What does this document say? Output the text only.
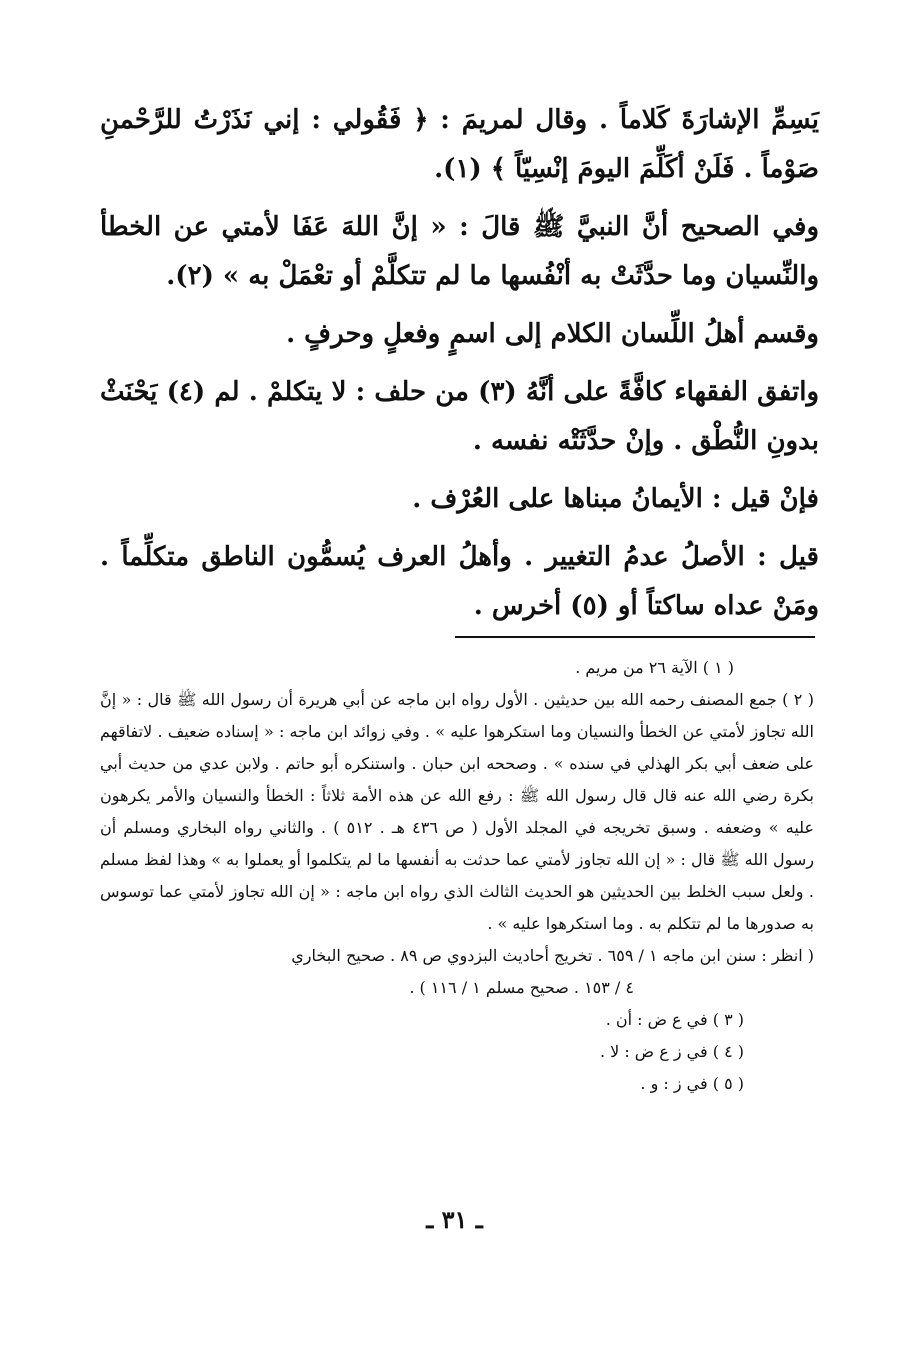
يَسِمِّ الإشارَةَ كَلاماً . وقال لمريمَ : ﴿ فَقُولي : إني نَذَرْتُ للرَّحْمنِ صَوْماً . فَلَنْ أكَلِّمَ اليومَ إنْسِيّاً ﴾ (١).

وفي الصحيح أنَّ النبيَّ ﷺ قالَ : « إنَّ اللهَ عَفَا لأمتي عن الخطأ والنِّسيان وما حدَّثَتْ به أنْفُسها ما لم تتكلَّمْ أو تعْمَلْ به » (٢).

وقسم أهلُ اللِّسان الكلام إلى اسمٍ وفعلٍ وحرفٍ .

واتفق الفقهاء كافَّةً على أنَّهُ (٣) من حلف : لا يتكلمْ . لم (٤) يَحْنَثْ بدونِ النُّطْق . وإنْ حدَّثَتْه نفسه .

فإنْ قيل : الأيمانُ مبناها على العُرْف .

قيل : الأصلُ عدمُ التغيير . وأهلُ العرف يُسمُّون الناطق متكلِّماً . ومَنْ عداه ساكتاً أو (٥) أخرس .

( ١ ) الآية ٢٦ من مريم .

( ٢ ) جمع المصنف رحمه الله بين حديثين . الأول رواه ابن ماجه عن أبي هريرة أن رسول الله ﷺ قال : « إنَّ الله تجاوز لأمتي عن الخطأ والنسيان وما استكرهوا عليه » . وفي زوائد ابن ماجه : « إسناده ضعيف . لاتفاقهم على ضعف أبي بكر الهذلي في سنده » . وصححه ابن حبان . واستنكره أبو حاتم . ولابن عدي من حديث أبي بكرة رضي الله عنه قال قال رسول الله ﷺ : رفع الله عن هذه الأمة ثلاثاً : الخطأ والنسيان والأمر يكرهون عليه » وضعفه . وسبق تخريجه في المجلد الأول ( ص ٤٣٦ هـ . ٥١٢ ) . والثاني رواه البخاري ومسلم أن رسول الله ﷺ قال : « إن الله تجاوز لأمتي عما حدثت به أنفسها ما لم يتكلموا أو يعملوا به » وهذا لفظ مسلم . ولعل سبب الخلط بين الحديثين هو الحديث الثالث الذي رواه ابن ماجه : « إن الله تجاوز لأمتي عما توسوس به صدورها ما لم تتكلم به . وما استكرهوا عليه » .

( انظر : سنن ابن ماجه ١ / ٦٥٩ . تخريج أحاديث البزدوي ص ٨٩ . صحيح البخاري

٤ / ١٥٣ . صحيح مسلم ١ / ١١٦ ) .

( ٣ ) في ع ض : أن .

( ٤ ) في ز ع ض : لا .

( ٥ ) في ز : و .

ـ ٣١ ـ
